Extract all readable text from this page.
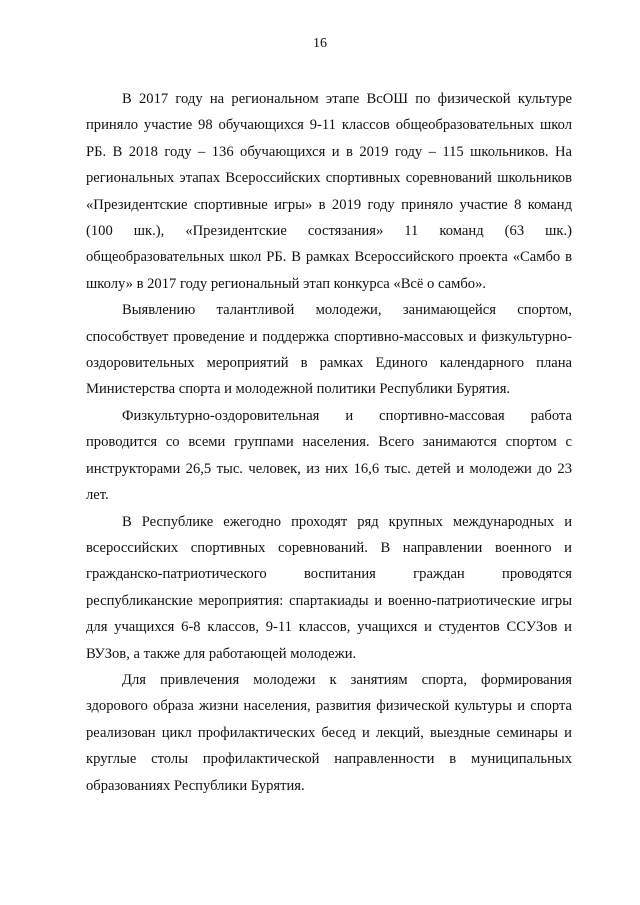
16

В 2017 году на региональном этапе ВсОШ по физической культуре приняло участие 98 обучающихся 9-11 классов общеобразовательных школ РБ. В 2018 году – 136 обучающихся и в 2019 году – 115 школьников. На региональных этапах Всероссийских спортивных соревнований школьников «Президентские спортивные игры» в 2019 году приняло участие 8 команд (100 шк.), «Президентские состязания» 11 команд (63 шк.) общеобразовательных школ РБ. В рамках Всероссийского проекта «Самбо в школу» в 2017 году региональный этап конкурса «Всё о самбо».

Выявлению талантливой молодежи, занимающейся спортом, способствует проведение и поддержка спортивно-массовых и физкультурно-оздоровительных мероприятий в рамках Единого календарного плана Министерства спорта и молодежной политики Республики Бурятия.

Физкультурно-оздоровительная и спортивно-массовая работа проводится со всеми группами населения. Всего занимаются спортом с инструкторами 26,5 тыс. человек, из них 16,6 тыс. детей и молодежи до 23 лет.

В Республике ежегодно проходят ряд крупных международных и всероссийских спортивных соревнований. В направлении военного и гражданско-патриотического воспитания граждан проводятся республиканские мероприятия: спартакиады и военно-патриотические игры для учащихся 6-8 классов, 9-11 классов, учащихся и студентов ССУЗов и ВУЗов, а также для работающей молодежи.

Для привлечения молодежи к занятиям спорта, формирования здорового образа жизни населения, развития физической культуры и спорта реализован цикл профилактических бесед и лекций, выездные семинары и круглые столы профилактической направленности в муниципальных образованиях Республики Бурятия.
